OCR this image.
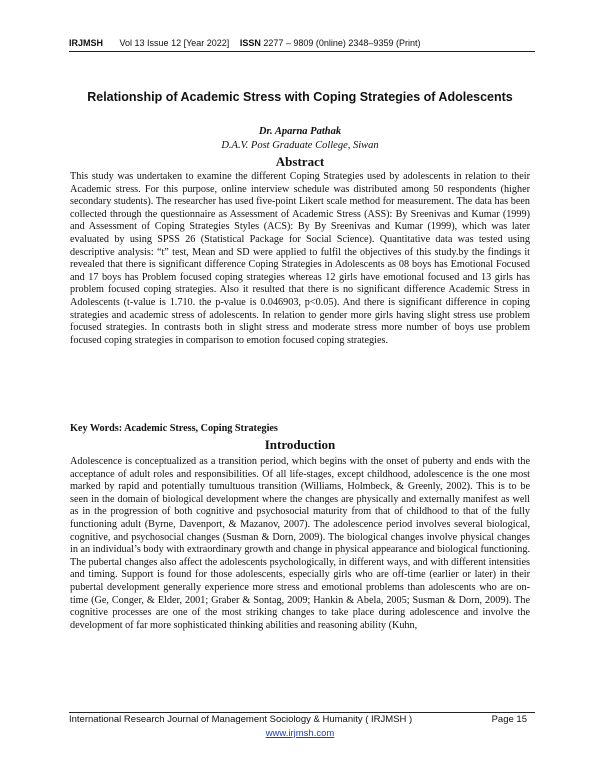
IRJMSH Vol 13 Issue 12 [Year 2022] ISSN 2277 – 9809 (0nline) 2348–9359 (Print)
Relationship of Academic Stress with Coping Strategies of Adolescents
Dr. Aparna Pathak
D.A.V. Post Graduate College, Siwan
Abstract

This study was undertaken to examine the different Coping Strategies used by adolescents in relation to their Academic stress. For this purpose, online interview schedule was distributed among 50 respondents (higher secondary students). The researcher has used five-point Likert scale method for measurement. The data has been collected through the questionnaire as Assessment of Academic Stress (ASS): By Sreenivas and Kumar (1999) and Assessment of Coping Strategies Styles (ACS): By By Sreenivas and Kumar (1999), which was later evaluated by using SPSS 26 (Statistical Package for Social Science). Quantitative data was tested using descriptive analysis: “t” test, Mean and SD were applied to fulfil the objectives of this study.by the findings it revealed that there is significant difference Coping Strategies in Adolescents as 08 boys has Emotional Focused and 17 boys has Problem focused coping strategies whereas 12 girls have emotional focused and 13 girls has problem focused coping strategies. Also it resulted that there is no significant difference Academic Stress in Adolescents (t-value is 1.710. the p-value is 0.046903, p<0.05). And there is significant difference in coping strategies and academic stress of adolescents. In relation to gender more girls having slight stress use problem focused strategies. In contrasts both in slight stress and moderate stress more number of boys use problem focused coping strategies in comparison to emotion focused coping strategies.

Key Words: Academic Stress, Coping Strategies
Introduction

Adolescence is conceptualized as a transition period, which begins with the onset of puberty and ends with the acceptance of adult roles and responsibilities. Of all life-stages, except childhood, adolescence is the one most marked by rapid and potentially tumultuous transition (Williams, Holmbeck, & Greenly, 2002). This is to be seen in the domain of biological development where the changes are physically and externally manifest as well as in the progression of both cognitive and psychosocial maturity from that of childhood to that of the fully functioning adult (Byrne, Davenport, & Mazanov, 2007). The adolescence period involves several biological, cognitive, and psychosocial changes (Susman & Dorn, 2009). The biological changes involve physical changes in an individual’s body with extraordinary growth and change in physical appearance and biological functioning. The pubertal changes also affect the adolescents psychologically, in different ways, and with different intensities and timing. Support is found for those adolescents, especially girls who are off-time (earlier or later) in their pubertal development generally experience more stress and emotional problems than adolescents who are on-time (Ge, Conger, & Elder, 2001; Graber & Sontag, 2009; Hankin & Abela, 2005; Susman & Dorn, 2009). The cognitive processes are one of the most striking changes to take place during adolescence and involve the development of far more sophisticated thinking abilities and reasoning ability (Kuhn,

International Research Journal of Management Sociology & Humanity ( IRJMSH )	Page 15
www.irjmsh.com
